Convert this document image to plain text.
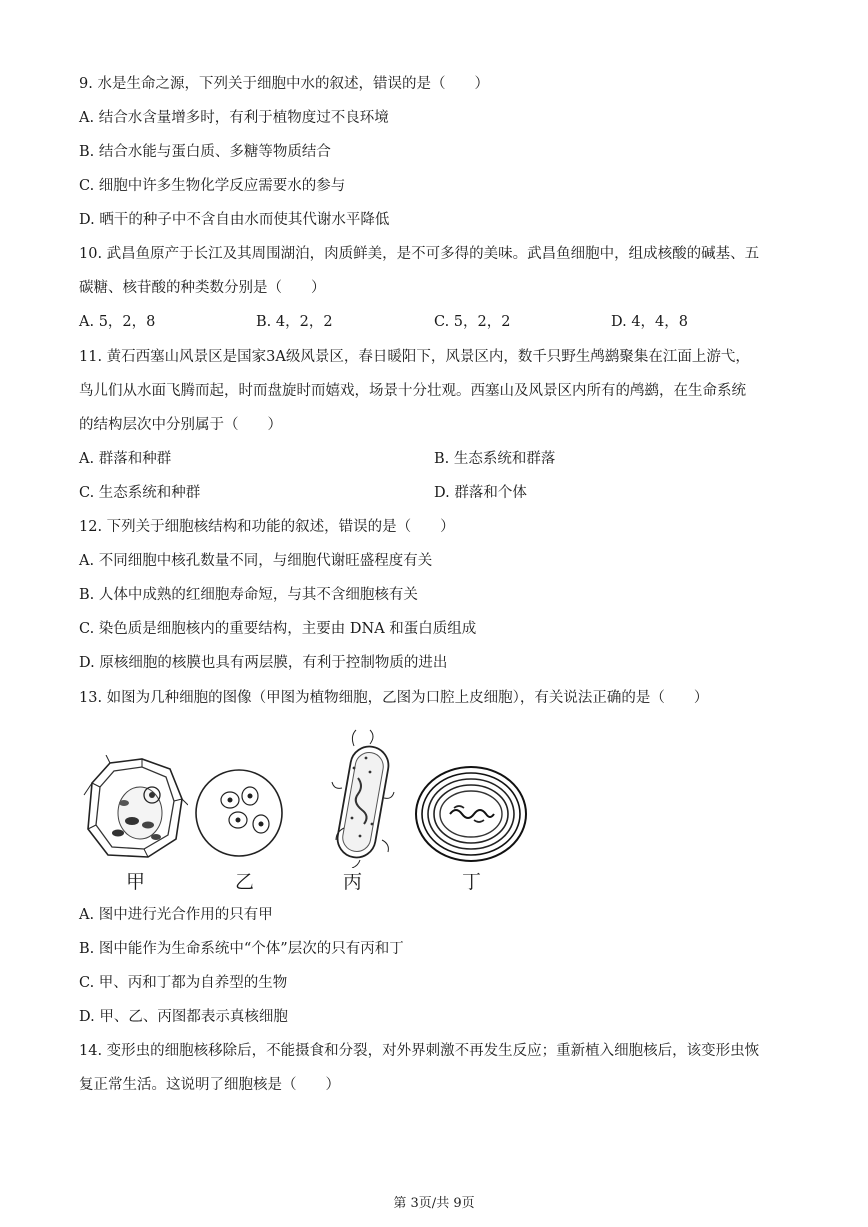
9. 水是生命之源，下列关于细胞中水的叙述，错误的是（　　）
A. 结合水含量增多时，有利于植物度过不良环境
B. 结合水能与蛋白质、多糖等物质结合
C. 细胞中许多生物化学反应需要水的参与
D. 晒干的种子中不含自由水而使其代谢水平降低
10. 武昌鱼原产于长江及其周围湖泊，肉质鲜美，是不可多得的美味。武昌鱼细胞中，组成核酸的碱基、五
碳糖、核苷酸的种类数分别是（　　）
A. 5，2，8	B. 4，2，2	C. 5，2，2	D. 4，4，8
11. 黄石西塞山风景区是国家3A级风景区，春日暖阳下，风景区内，数千只野生鸬鹚聚集在江面上游弋，
鸟儿们从水面飞腾而起，时而盘旋时而嬉戏，场景十分壮观。西塞山及风景区内所有的鸬鹚，在生命系统
的结构层次中分别属于（　　）
A. 群落和种群	B. 生态系统和群落
C. 生态系统和种群	D. 群落和个体
12. 下列关于细胞核结构和功能的叙述，错误的是（　　）
A. 不同细胞中核孔数量不同，与细胞代谢旺盛程度有关
B. 人体中成熟的红细胞寿命短，与其不含细胞核有关
C. 染色质是细胞核内的重要结构，主要由 DNA 和蛋白质组成
D. 原核细胞的核膜也具有两层膜，有利于控制物质的进出
13. 如图为几种细胞的图像（甲图为植物细胞，乙图为口腔上皮细胞），有关说法正确的是（　　）
甲	乙	丙	丁
A. 图中进行光合作用的只有甲
B. 图中能作为生命系统中“个体”层次的只有丙和丁
C. 甲、丙和丁都为自养型的生物
D. 甲、乙、丙图都表示真核细胞
14. 变形虫的细胞核移除后，不能摄食和分裂，对外界刺激不再发生反应；重新植入细胞核后，该变形虫恢
复正常生活。这说明了细胞核是（　　）
第 3页/共 9页
